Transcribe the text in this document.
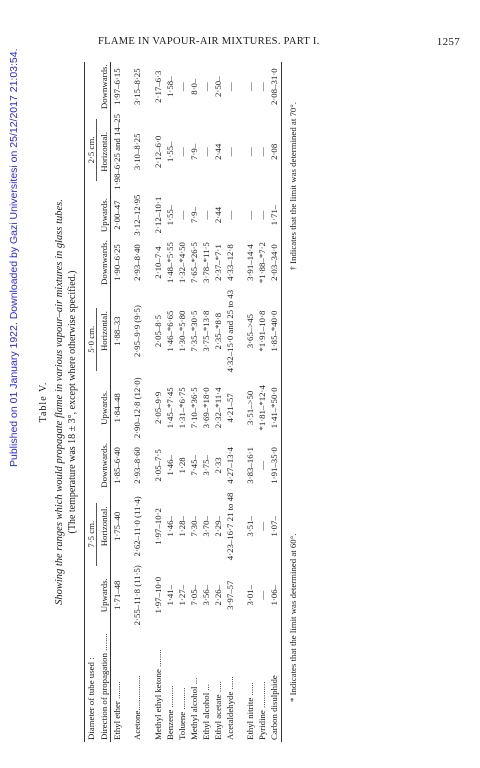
FLAME IN VAPOUR-AIR MIXTURES. PART I.	1257
Published on 01 January 1922. Downloaded by Gazi Universitesi on 25/12/2017 21:03:54. Table V. Showing the ranges which would propagate flame in various vapour–air mixtures in glass tubes. (The temperature was 18 ± 3°, except where otherwise specified.)
Diameter of tube used :	7·5 cm.			5·0 cm.			2·5 cm.		
Direction of propagation ........	Upwards.	Horizontal.	Downwards.	Upwards.	Horizontal.	Downwards.	Upwards.	Horizontal.	Downwards.
Ethyl ether ........	1·71–48	1·75–40	1·85–6·40	1·84–48	1·88–33	1·90–6·25	2·00–47	1·98–6·25 and 14–25	1·97–6·15

Acetone................	2·55–11·8 (11·5)	2·62–11·0 (11·4)	2·93–8·60	2·90–12·8 (12·0)	2·95–9·9 (9·5)	2·93–8·40	3·12–12·95	3·10–8·25	3·15–8·25

Methyl ethyl ketone ........	1·97–10·0	1·97–10·2	2·05–7·5	2·05–9·9	2·05–8·5	2·10–7·4	2·12–10·1	2·12–6·0	2·17–6·3
Benzene ..........	1·41–	1·46–	1·46–	1·45–*7·45	1·46–*6·65	1·48–*5·55	1·55–	1·55–	1·58–
Toluene ..........	1·27–	1·28–	1·28	1·31–*6·75	1·30–*5·80	1·32–*4·50	—	—	—
Methyl alcohol ...	7·05–	7·30–	7·45–	7·10–*36·5	7·35–*30·5	7·65–*26·5	7·9–	7·9–	8·0–
Ethyl alcohol ...	3·56–	3·70–	3·75–	3·69–*18·0	3·75–*13·8	3·78–*11·5	—	—	—
Ethyl acetate .....	2·26–	2·29–	2·33	2·32–*11·4	2·35–*8·8	2·37–*7·1	2·44	2·44	2·50–
Acetaldehyde ......	3·97–57	4·23–16·7 21 to 48	4·27–13·4	4·21–57	4·32–15·0 and 25 to 43	4·33–12·8	—	—	—

Ethyl nitrite ......	3·01–	3·51–	3·83–16·1	3·51–>50	3·65–>45	3·91–14·4	—	—	—
Pyridine ............	—	—	—	*1·81–*12·4	*1·91–10·8	*1·88–*7·2	—	—	—
Carbon disulphide	1·06–	1·07–	1·91–35·0	1·41–*50·0	1·85–*40·0	2·03–34·0	1·71–	2·08	2·08–31·0
* Indicates that the limit was determined at 60°.
† Indicates that the limit was determined at 70°.
